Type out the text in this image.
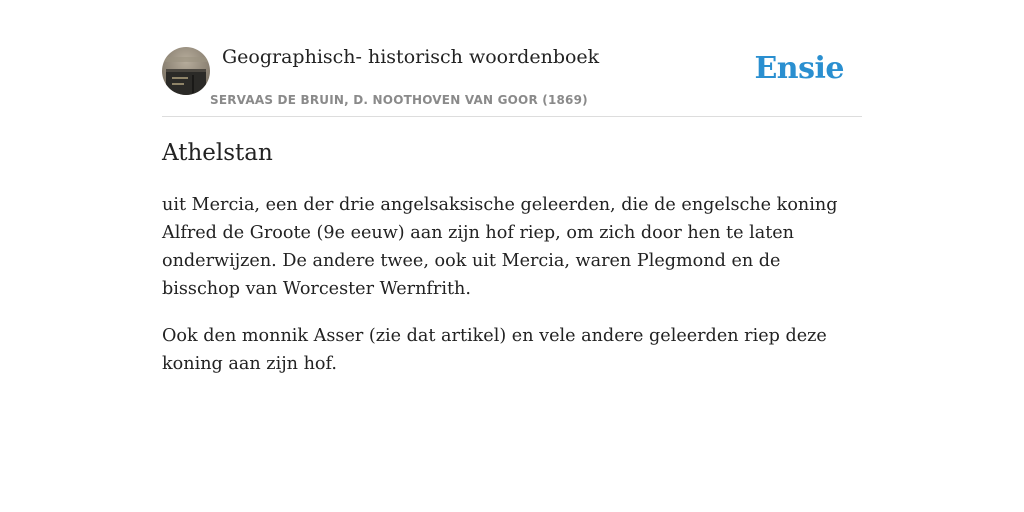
Geographisch- historisch woordenboek
SERVAAS DE BRUIN, D. NOOTHOVEN VAN GOOR (1869)
Ensie
Athelstan

uit Mercia, een der drie angelsaksische geleerden, die de engelsche koning Alfred de Groote (9e eeuw) aan zijn hof riep, om zich door hen te laten onderwijzen. De andere twee, ook uit Mercia, waren Plegmond en de bisschop van Worcester Wernfrith.

Ook den monnik Asser (zie dat artikel) en vele andere geleerden riep deze koning aan zijn hof.
